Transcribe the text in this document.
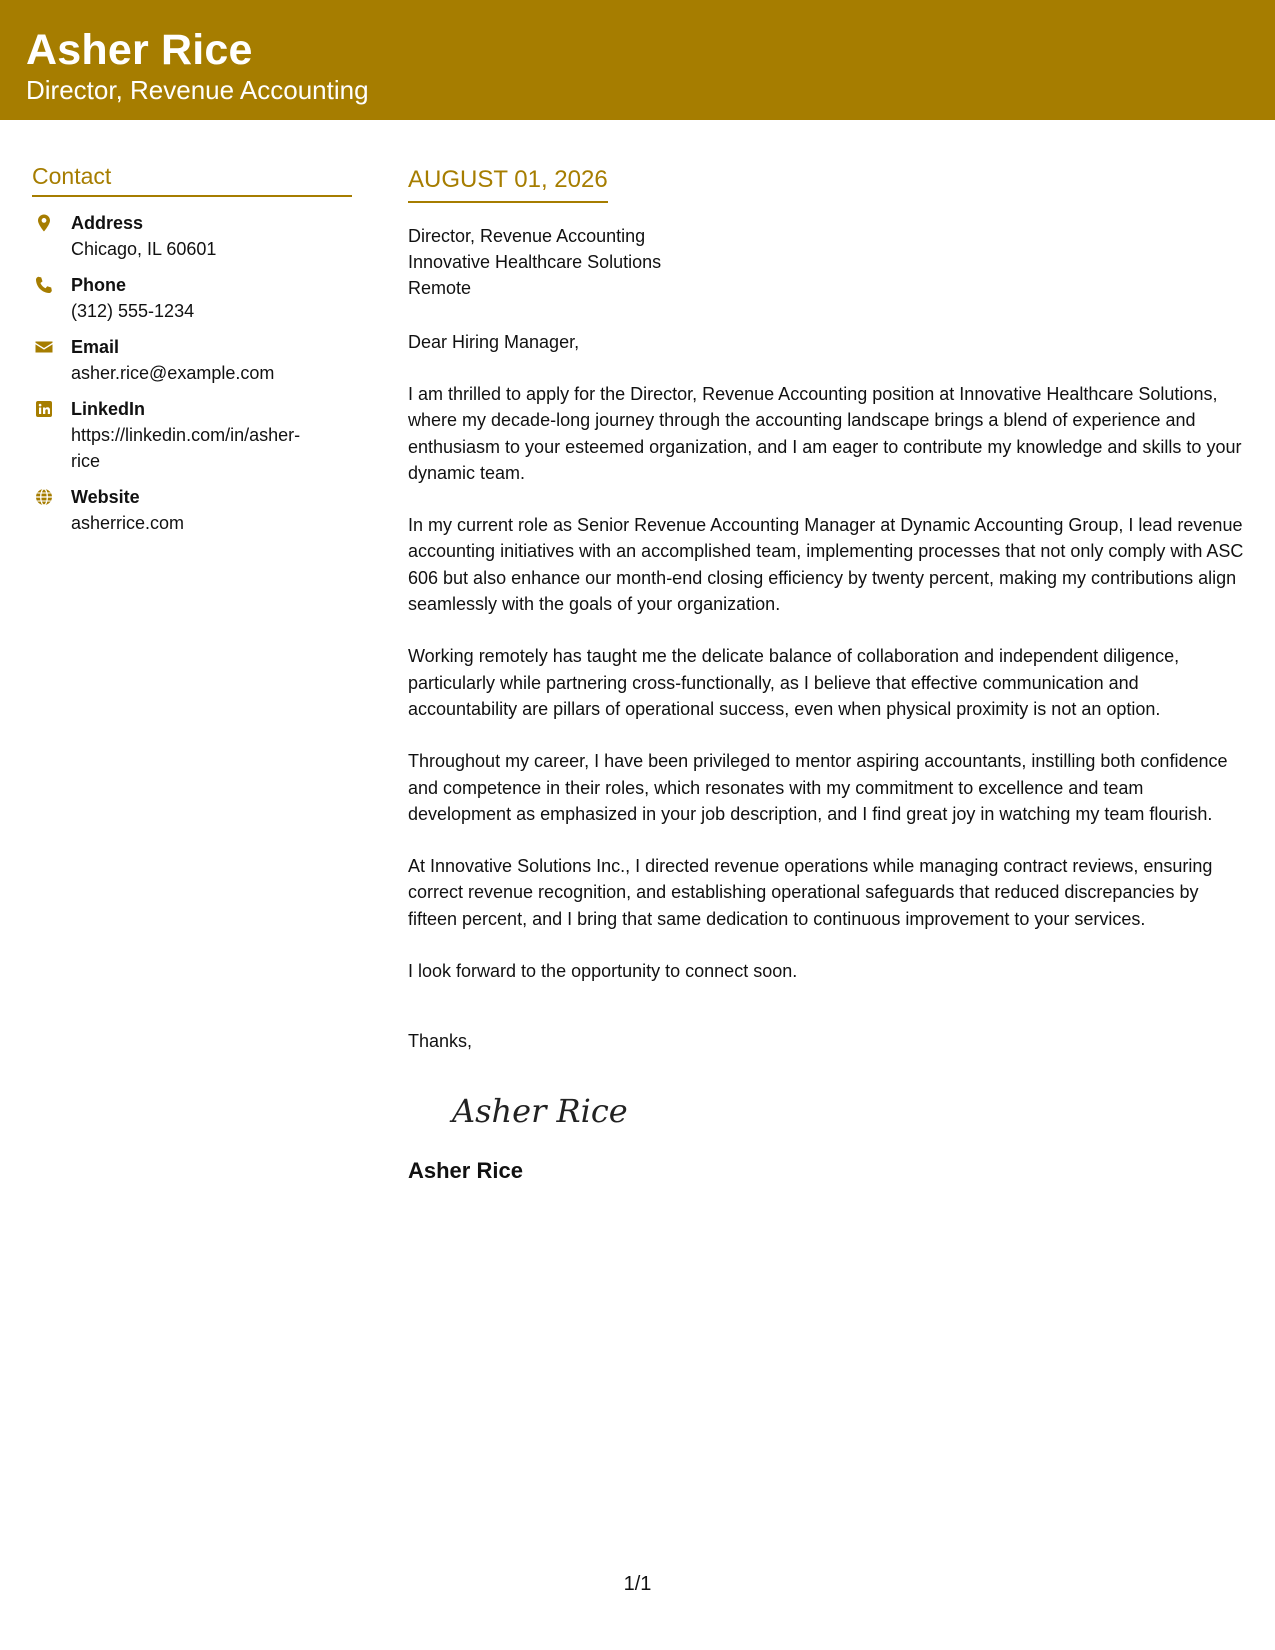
Asher Rice
Director, Revenue Accounting
Contact
Address
Chicago, IL 60601
Phone
(312) 555-1234
Email
asher.rice@example.com
LinkedIn
https://linkedin.com/in/asher-rice
Website
asherrice.com
AUGUST 01, 2026
Director, Revenue Accounting
Innovative Healthcare Solutions
Remote
Dear Hiring Manager,
I am thrilled to apply for the Director, Revenue Accounting position at Innovative Healthcare Solutions, where my decade-long journey through the accounting landscape brings a blend of experience and enthusiasm to your esteemed organization, and I am eager to contribute my knowledge and skills to your dynamic team.
In my current role as Senior Revenue Accounting Manager at Dynamic Accounting Group, I lead revenue accounting initiatives with an accomplished team, implementing processes that not only comply with ASC 606 but also enhance our month-end closing efficiency by twenty percent, making my contributions align seamlessly with the goals of your organization.
Working remotely has taught me the delicate balance of collaboration and independent diligence, particularly while partnering cross-functionally, as I believe that effective communication and accountability are pillars of operational success, even when physical proximity is not an option.
Throughout my career, I have been privileged to mentor aspiring accountants, instilling both confidence and competence in their roles, which resonates with my commitment to excellence and team development as emphasized in your job description, and I find great joy in watching my team flourish.
At Innovative Solutions Inc., I directed revenue operations while managing contract reviews, ensuring correct revenue recognition, and establishing operational safeguards that reduced discrepancies by fifteen percent, and I bring that same dedication to continuous improvement to your services.
I look forward to the opportunity to connect soon.
Thanks,
Asher Rice
Asher Rice
1/1
